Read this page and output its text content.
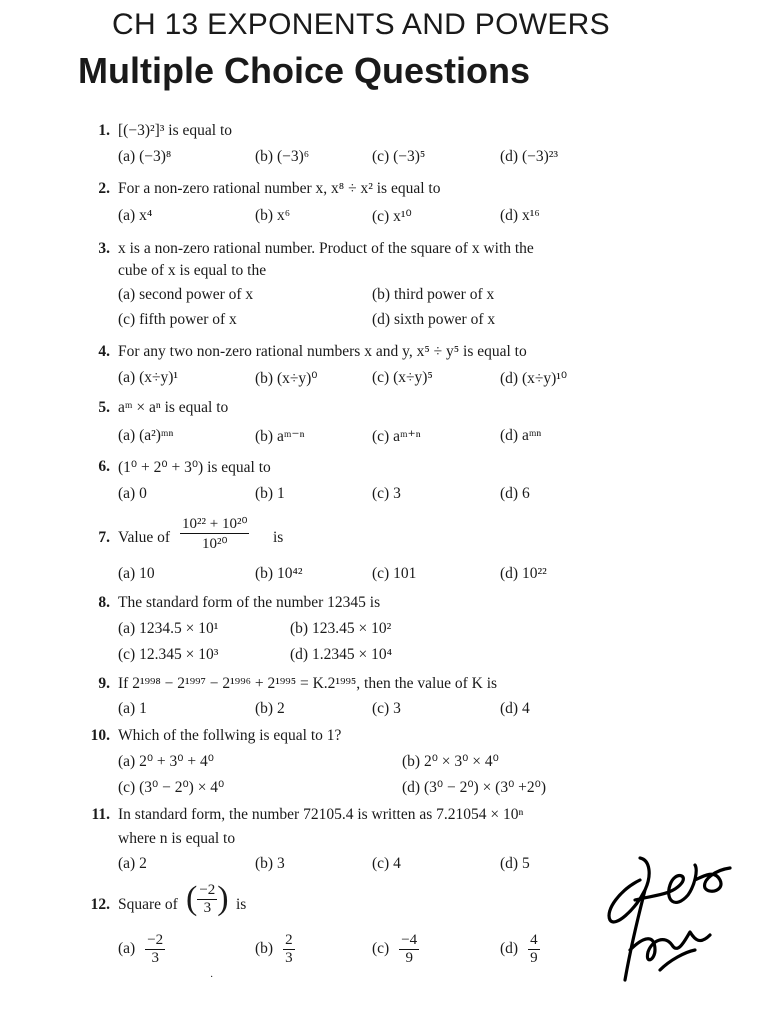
CH 13 EXPONENTS AND POWERS
Multiple Choice Questions
1. [(−3)²]³ is equal to
(a) (−3)⁸	(b) (−3)⁶	(c) (−3)⁵	(d) (−3)²³
2. For a non-zero rational number x, x⁸ ÷ x² is equal to
(a) x⁴	(b) x⁶	(c) x¹⁰	(d) x¹⁶
3. x is a non-zero rational number. Product of the square of x with the
cube of x is equal to the
(a) second power of x	(b) third power of x
(c) fifth power of x	(d) sixth power of x
4. For any two non-zero rational numbers x and y, x⁵ ÷ y⁵ is equal to
(a) (x÷y)¹	(b) (x÷y)⁰	(c) (x÷y)⁵	(d) (x÷y)¹⁰
5. aᵐ × aⁿ is equal to
(a) (a²)ᵐⁿ	(b) aᵐ⁻ⁿ	(c) aᵐ⁺ⁿ	(d) aᵐⁿ
6. (1⁰ + 2⁰ + 3⁰) is equal to
(a) 0	(b) 1	(c) 3	(d) 6
7. Value of $\frac{\text{10²² + 10²⁰}}{\text{10²⁰}}$ is
(a) 10	(b) 10⁴²	(c) 101	(d) 10²²
8. The standard form of the number 12345 is
(a) 1234.5 × 10¹	(b) 123.45 × 10²
(c) 12.345 × 10³	(d) 1.2345 × 10⁴
9. If 2¹⁹⁹⁸ − 2¹⁹⁹⁷ − 2¹⁹⁹⁶ + 2¹⁹⁹⁵ = K.2¹⁹⁹⁵, then the value of K is
(a) 1	(b) 2	(c) 3	(d) 4
10. Which of the follwing is equal to 1?
(a) 2⁰ + 3⁰ + 4⁰	(b) 2⁰ × 3⁰ × 4⁰
(c) (3⁰ − 2⁰) × 4⁰	(d) (3⁰ − 2⁰) × (3⁰ +2⁰)
11. In standard form, the number 72105.4 is written as 7.21054 × 10ⁿ
where n is equal to
(a) 2	(b) 3	(c) 4	(d) 5
12. Square of ( $\frac{-2}{3}$ ) is
$(a) \frac{-2}{3}$	$(b) \frac{2}{3}$	$(c) \frac{-4}{9}$	$(d) \frac{4}{9}$
·
